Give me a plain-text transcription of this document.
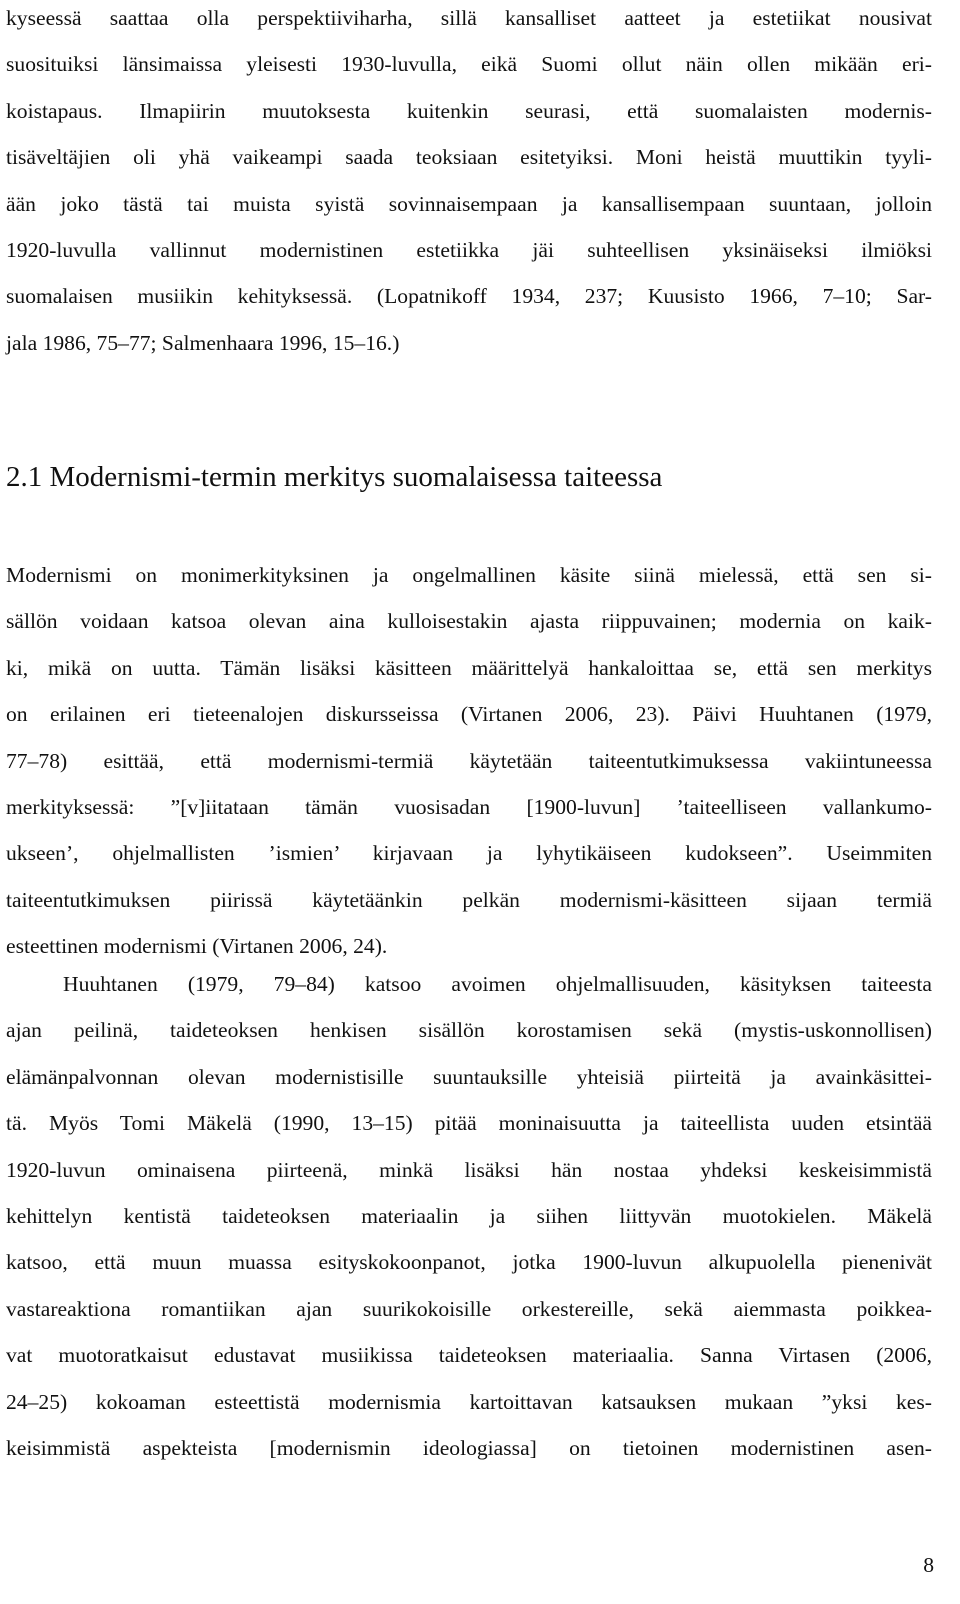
kyseessä saattaa olla perspektiiviharha, sillä kansalliset aatteet ja estetiikat nousivat
suosituiksi länsimaissa yleisesti 1930-luvulla, eikä Suomi ollut näin ollen mikään eri-
koistapaus. Ilmapiirin muutoksesta kuitenkin seurasi, että suomalaisten modernis-
tisäveltäjien oli yhä vaikeampi saada teoksiaan esitetyiksi. Moni heistä muuttikin tyyli-
ään joko tästä tai muista syistä sovinnaisempaan ja kansallisempaan suuntaan, jolloin
1920-luvulla vallinnut modernistinen estetiikka jäi suhteellisen yksinäiseksi ilmiöksi
suomalaisen musiikin kehityksessä. (Lopatnikoff 1934, 237; Kuusisto 1966, 7–10; Sar-
jala 1986, 75–77; Salmenhaara 1996, 15–16.)
2.1 Modernismi-termin merkitys suomalaisessa taiteessa
Modernismi on monimerkityksinen ja ongelmallinen käsite siinä mielessä, että sen si-
sällön voidaan katsoa olevan aina kulloisestakin ajasta riippuvainen; modernia on kaik-
ki, mikä on uutta. Tämän lisäksi käsitteen määrittelyä hankaloittaa se, että sen merkitys
on erilainen eri tieteenalojen diskursseissa (Virtanen 2006, 23). Päivi Huuhtanen (1979,
77–78) esittää, että modernismi-termiä käytetään taiteentutkimuksessa vakiintuneessa
merkityksessä: ”[v]iitataan tämän vuosisadan [1900-luvun] ’taiteelliseen vallankumo-
ukseen’, ohjelmallisten ’ismien’ kirjavaan ja lyhytikäiseen kudokseen”. Useimmiten
taiteentutkimuksen piirissä käytetäänkin pelkän modernismi-käsitteen sijaan termiä
esteettinen modernismi (Virtanen 2006, 24).
Huuhtanen (1979, 79–84) katsoo avoimen ohjelmallisuuden, käsityksen taiteesta
ajan peilinä, taideteoksen henkisen sisällön korostamisen sekä (mystis-uskonnollisen)
elämänpalvonnan olevan modernistisille suuntauksille yhteisiä piirteitä ja avainkäsittei-
tä. Myös Tomi Mäkelä (1990, 13–15) pitää moninaisuutta ja taiteellista uuden etsintää
1920-luvun ominaisena piirteenä, minkä lisäksi hän nostaa yhdeksi keskeisimmistä
kehittelyn kentistä taideteoksen materiaalin ja siihen liittyvän muotokielen. Mäkelä
katsoo, että muun muassa esityskokoonpanot, jotka 1900-luvun alkupuolella pienenivät
vastareaktiona romantiikan ajan suurikokoisille orkestereille, sekä aiemmasta poikkea-
vat muotoratkaisut edustavat musiikissa taideteoksen materiaalia. Sanna Virtasen (2006,
24–25) kokoaman esteettistä modernismia kartoittavan katsauksen mukaan ”yksi kes-
keisimmistä aspekteista [modernismin ideologiassa] on tietoinen modernistinen asen-
8
